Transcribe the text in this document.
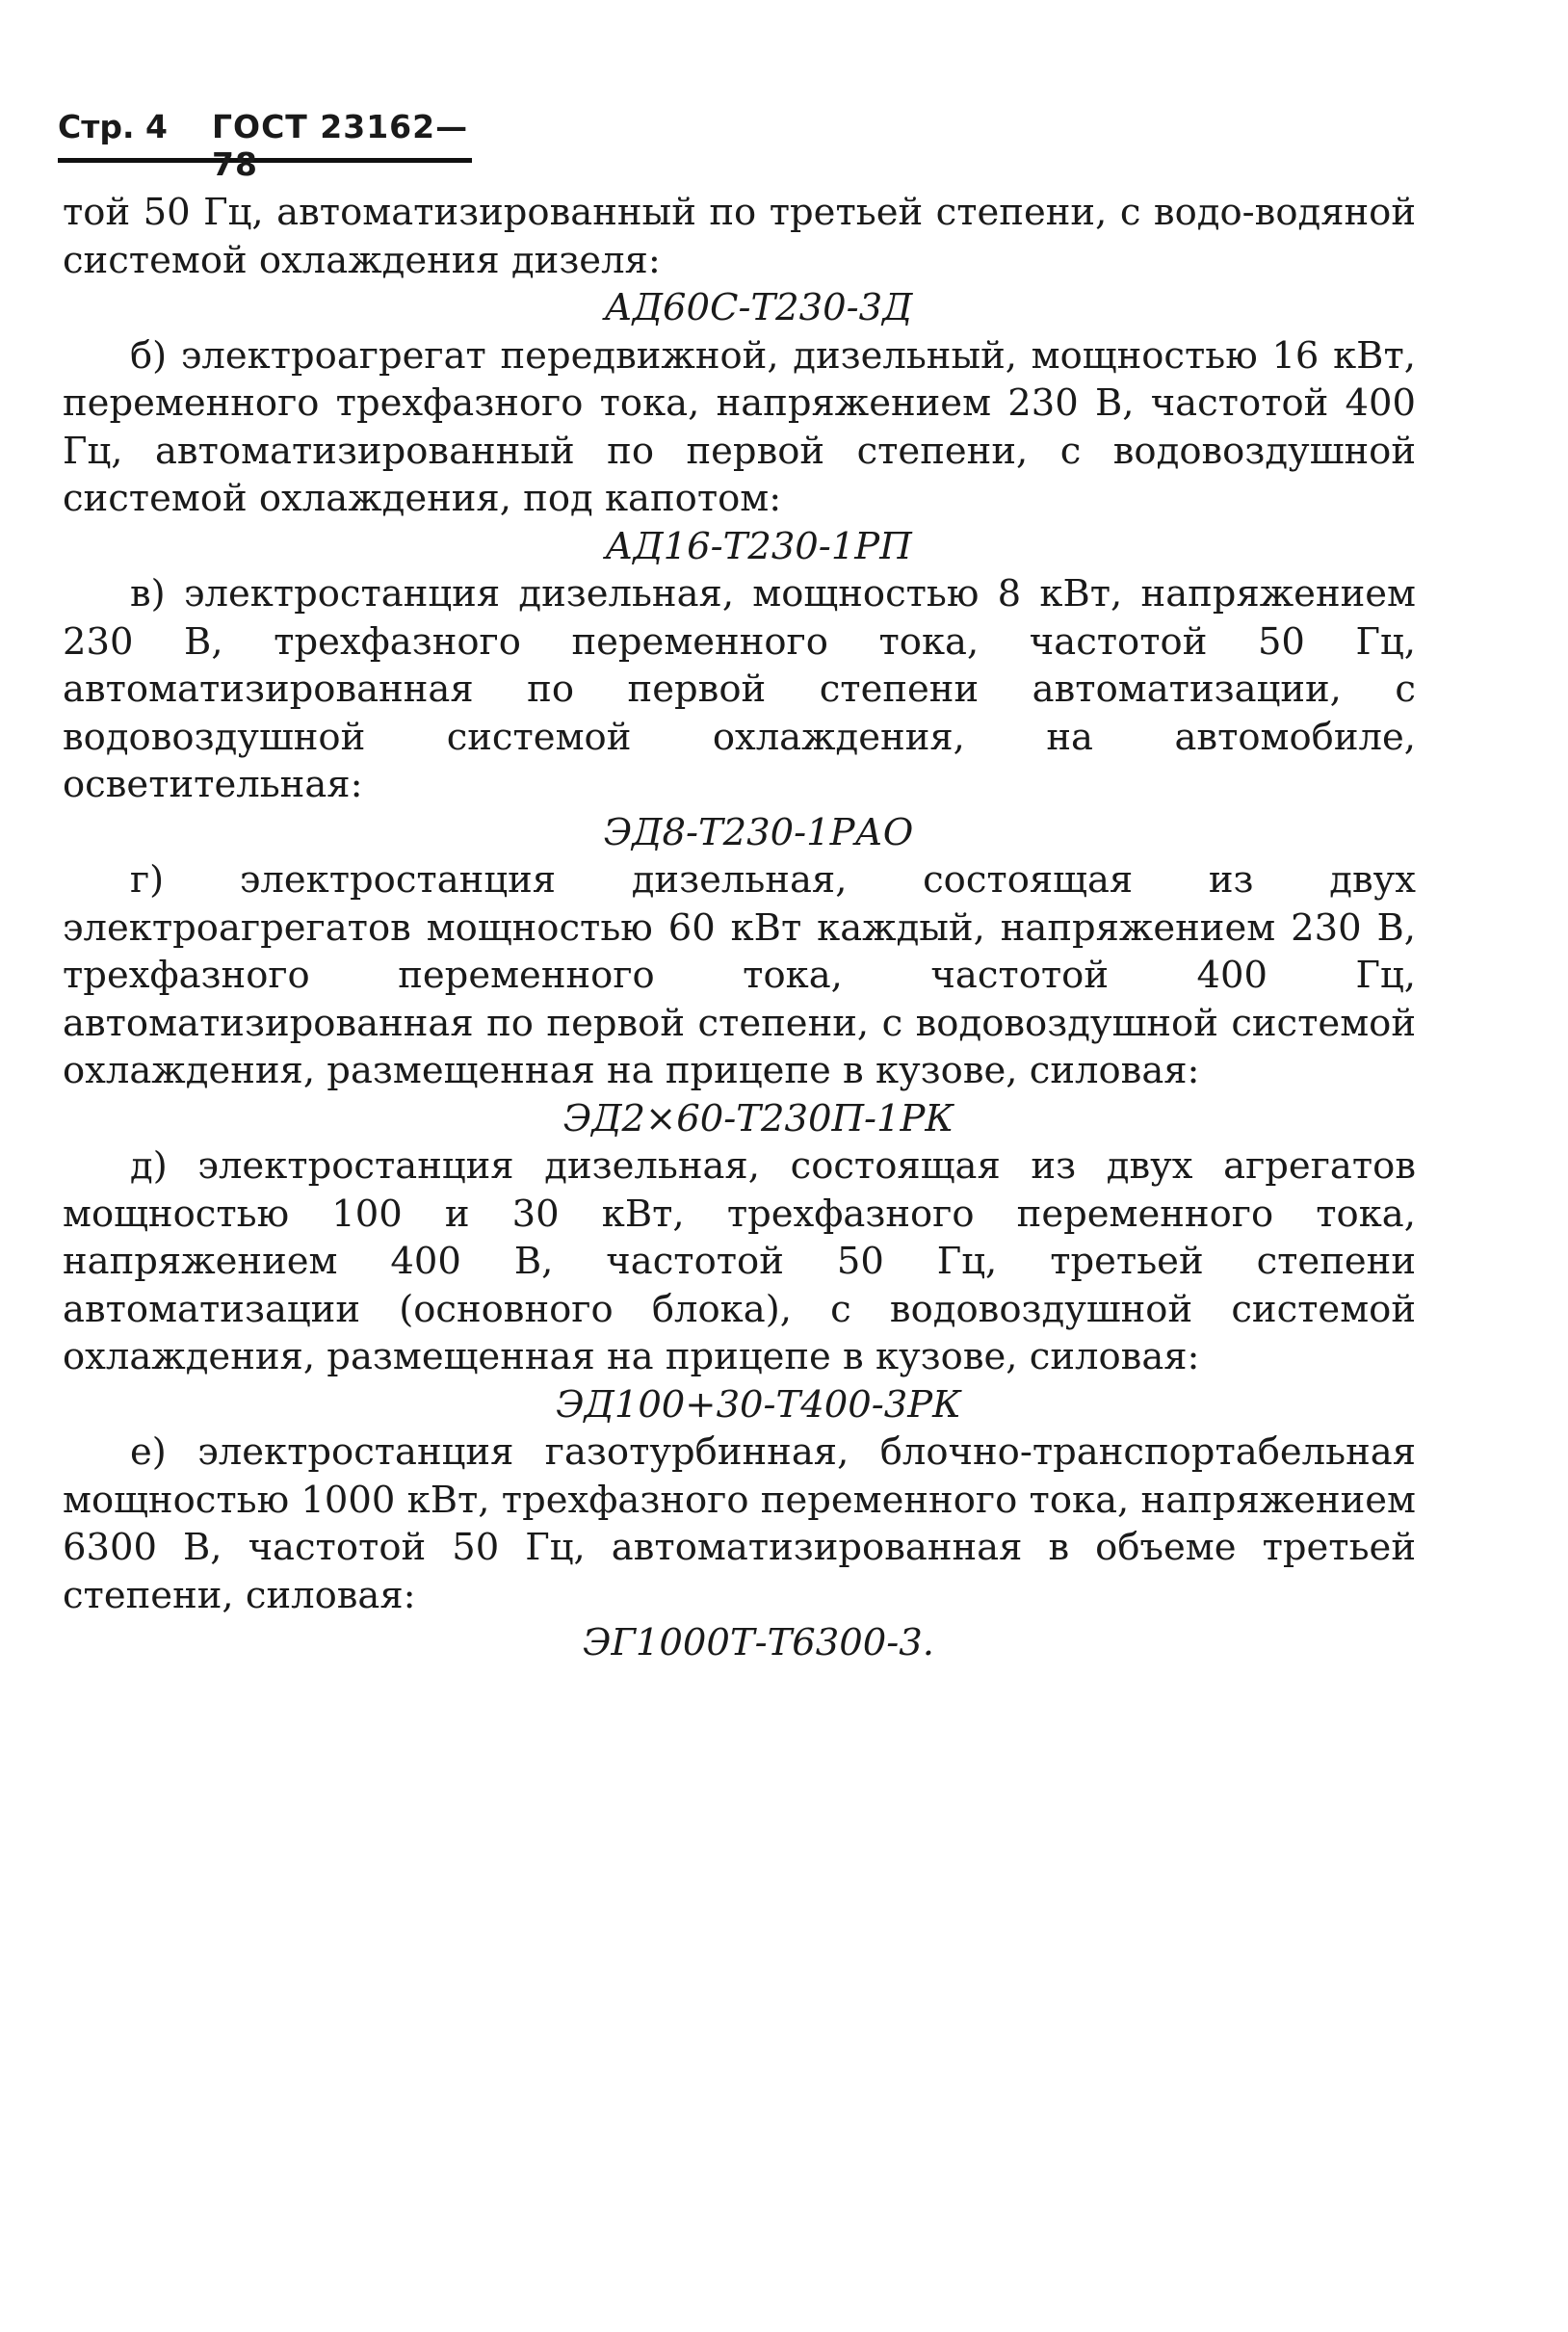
Стр. 4 ГОСТ 23162—78
той 50 Гц, автоматизированный по третьей степени, с водо-водяной системой охлаждения дизеля:
АД60С-Т230-3Д
б) электроагрегат передвижной, дизельный, мощностью 16 кВт, переменного трехфазного тока, напряжением 230 В, частотой 400 Гц, автоматизированный по первой степени, с водовоздушной системой охлаждения, под капотом:
АД16-Т230-1РП
в) электростанция дизельная, мощностью 8 кВт, напряжением 230 В, трехфазного переменного тока, частотой 50 Гц, автоматизированная по первой степени автоматизации, с водовоздушной системой охлаждения, на автомобиле, осветительная:
ЭД8-Т230-1РАО
г) электростанция дизельная, состоящая из двух электроагрегатов мощностью 60 кВт каждый, напряжением 230 В, трехфазного переменного тока, частотой 400 Гц, автоматизированная по первой степени, с водовоздушной системой охлаждения, размещенная на прицепе в кузове, силовая:
ЭД2×60-Т230П-1РК
д) электростанция дизельная, состоящая из двух агрегатов мощностью 100 и 30 кВт, трехфазного переменного тока, напряжением 400 В, частотой 50 Гц, третьей степени автоматизации (основного блока), с водовоздушной системой охлаждения, размещенная на прицепе в кузове, силовая:
ЭД100+30-Т400-3РК
е) электростанция газотурбинная, блочно-транспортабельная мощностью 1000 кВт, трехфазного переменного тока, напряжением 6300 В, частотой 50 Гц, автоматизированная в объеме третьей степени, силовая:
ЭГ1000Т-Т6300-3.
